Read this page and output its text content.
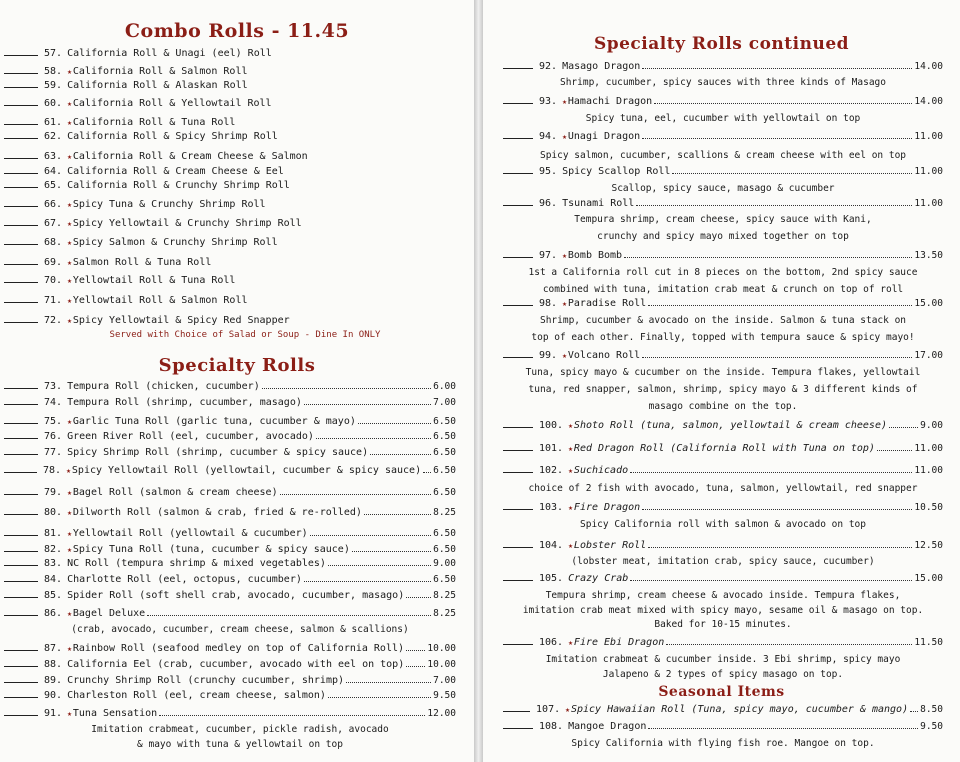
Combo Rolls - 11.45
57. California Roll & Unagi (eel) Roll
58. ★ California Roll & Salmon Roll
59. California Roll & Alaskan Roll
60. ★ California Roll & Yellowtail Roll
61. ★ California Roll & Tuna Roll
62. California Roll & Spicy Shrimp Roll
63. ★ California Roll & Cream Cheese & Salmon
64. California Roll & Cream Cheese & Eel
65. California Roll & Crunchy Shrimp Roll
66. ★ Spicy Tuna & Crunchy Shrimp Roll
67. ★ Spicy Yellowtail & Crunchy Shrimp Roll
68. ★ Spicy Salmon & Crunchy Shrimp Roll
69. ★ Salmon Roll & Tuna Roll
70. ★ Yellowtail Roll & Tuna Roll
71. ★ Yellowtail Roll & Salmon Roll
72. ★ Spicy Yellowtail & Spicy Red Snapper
Served with Choice of Salad or Soup - Dine In ONLY
Specialty Rolls
73. Tempura Roll (chicken, cucumber)	6.00
74. Tempura Roll (shrimp, cucumber, masago)	7.00
75. ★ Garlic Tuna Roll (garlic tuna, cucumber & mayo)	6.50
76. Green River Roll (eel, cucumber, avocado)	6.50
77. Spicy Shrimp Roll (shrimp, cucumber & spicy sauce)	6.50
78. ★ Spicy Yellowtail Roll (yellowtail, cucumber & spicy sauce) 6.50
79. ★ Bagel Roll (salmon & cream cheese)	6.50
80. ★ Dilworth Roll (salmon & crab, fried & re-rolled)	8.25
81. ★ Yellowtail Roll (yellowtail & cucumber)	6.50
82. ★ Spicy Tuna Roll (tuna, cucumber & spicy sauce)	6.50
83. NC Roll (tempura shrimp & mixed vegetables)	9.00
84. Charlotte Roll (eel, octopus, cucumber)	6.50
85. Spider Roll (soft shell crab, avocado, cucumber, masago)	8.25
86. ★ Bagel Deluxe	8.25
87. ★ Rainbow Roll (seafood medley on top of California Roll) 10.00
88. California Eel (crab, cucumber, avocado with eel on top) 10.00
89. Crunchy Shrimp Roll (crunchy cucumber, shrimp)	7.00
90. Charleston Roll (eel, cream cheese, salmon)	9.50
91. ★ Tuna Sensation	12.00
(crab, avocado, cucumber, cream cheese, salmon & scallions)
Imitation crabmeat, cucumber, pickle radish, avocado
& mayo with tuna & yellowtail on top
Specialty Rolls continued
92. Masago Dragon	14.00
Shrimp, cucumber, spicy sauces with three kinds of Masago
93. ★ Hamachi Dragon	14.00
Spicy tuna, eel, cucumber with yellowtail on top
94. ★ Unagi Dragon	11.00
Spicy salmon, cucumber, scallions & cream cheese with eel on top
95. Spicy Scallop Roll	11.00
Scallop, spicy sauce, masago & cucumber
96. Tsunami Roll	11.00
Tempura shrimp, cream cheese, spicy sauce with Kani,
crunchy and spicy mayo mixed together on top
97. ★ Bomb Bomb	13.50
1st a California roll cut in 8 pieces on the bottom, 2nd spicy sauce
combined with tuna, imitation crab meat & crunch on top of roll
98. ★ Paradise Roll	15.00
Shrimp, cucumber & avocado on the inside. Salmon & tuna stack on
top of each other. Finally, topped with tempura sauce & spicy mayo!
99. ★ Volcano Roll	17.00
Tuna, spicy mayo & cucumber on the inside. Tempura flakes, yellowtail
tuna, red snapper, salmon, shrimp, spicy mayo & 3 different kinds of
masago combine on the top.
100. ★ Shoto Roll (tuna, salmon, yellowtail & cream cheese)	9.00
101. ★ Red Dragon Roll (California Roll with Tuna on top)	11.00
102. ★ Suchicado	11.00
choice of 2 fish with avocado, tuna, salmon, yellowtail, red snapper
103. ★ Fire Dragon	10.50
Spicy California roll with salmon & avocado on top
104. ★ Lobster Roll	12.50
(lobster meat, imitation crab, spicy sauce, cucumber)
105. Crazy Crab	15.00
Tempura shrimp, cream cheese & avocado inside. Tempura flakes,
imitation crab meat mixed with spicy mayo, sesame oil & masago on top.
Baked for 10-15 minutes.
106. ★ Fire Ebi Dragon	11.50
Imitation crabmeat & cucumber inside. 3 Ebi shrimp, spicy mayo
Jalapeno & 2 types of spicy masago on top.
Seasonal Items
107. ★ Spicy Hawaiian Roll (Tuna, spicy mayo, cucumber & mango) 8.50
108. Mangoe Dragon	9.50
Spicy California with flying fish roe. Mangoe on top.
